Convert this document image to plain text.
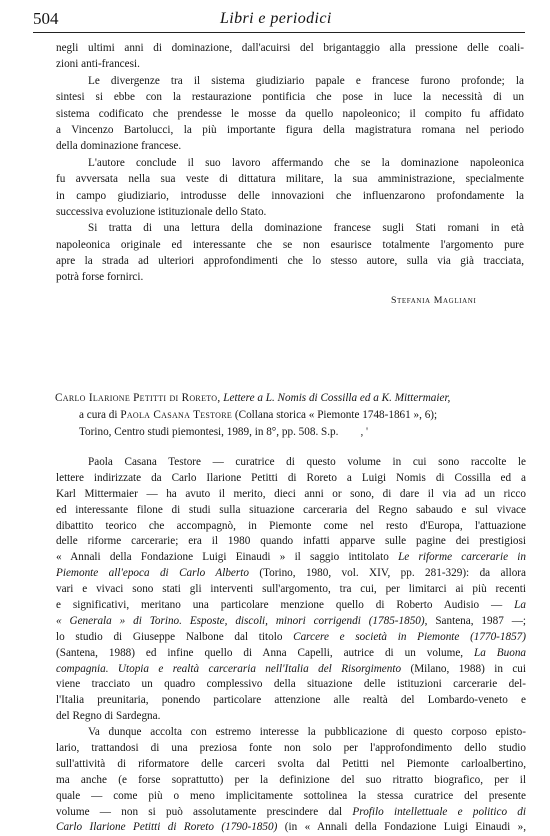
504	Libri e periodici
negli ultimi anni di dominazione, dall'acuirsi del brigantaggio alla pressione delle coali-
zioni anti-francesi.
Le divergenze tra il sistema giudiziario papale e francese furono profonde; la
sintesi si ebbe con la restaurazione pontificia che pose in luce la necessità di un
sistema codificato che prendesse le mosse da quello napoleonico; il compito fu affidato
a Vincenzo Bartolucci, la più importante figura della magistratura romana nel periodo
della dominazione francese.
L'autore conclude il suo lavoro affermando che se la dominazione napoleonica
fu avversata nella sua veste di dittatura militare, la sua amministrazione, specialmente
in campo giudiziario, introdusse delle innovazioni che influenzarono profondamente la
successiva evoluzione istituzionale dello Stato.
Si tratta di una lettura della dominazione francese sugli Stati romani in età
napoleonica originale ed interessante che se non esaurisce totalmente l'argomento pure
apre la strada ad ulteriori approfondimenti che lo stesso autore, sulla via già tracciata,
potrà forse fornirci.
Stefania Magliani
Carlo Ilarione Petitti di Roreto, Lettere a L. Nomis di Cossilla ed a K. Mittermaier,
a cura di Paola Casana Testore (Collana storica « Piemonte 1748-1861 », 6);
Torino, Centro studi piemontesi, 1989, in 8°, pp. 508. S.p. , '
Paola Casana Testore — curatrice di questo volume in cui sono raccolte le
lettere indirizzate da Carlo Ilarione Petitti di Roreto a Luigi Nomis di Cossilla ed a
Karl Mittermaier — ha avuto il merito, dieci anni or sono, di dare il via ad un ricco
ed interessante filone di studi sulla situazione carceraria del Regno sabaudo e sul vivace
dibattito teorico che accompagnò, in Piemonte come nel resto d'Europa, l'attuazione
delle riforme carcerarie; era il 1980 quando infatti apparve sulle pagine dei prestigiosi
« Annali della Fondazione Luigi Einaudi » il saggio intitolato Le riforme carcerarie in
Piemonte all'epoca di Carlo Alberto (Torino, 1980, vol. XIV, pp. 281-329): da allora
vari e vivaci sono stati gli interventi sull'argomento, tra cui, per limitarci ai più recenti
e significativi, meritano una particolare menzione quello di Roberto Audisio — La
« Generala » di Torino. Esposte, discoli, minori corrigendi (1785-1850), Santena, 1987 —;
lo studio di Giuseppe Nalbone dal titolo Carcere e società in Piemonte (1770-1857)
(Santena, 1988) ed infine quello di Anna Capelli, autrice di un volume, La Buona
compagnia. Utopia e realtà carceraria nell'Italia del Risorgimento (Milano, 1988) in cui
viene tracciato un quadro complessivo della situazione delle istituzioni carcerarie del-
l'Italia preunitaria, ponendo particolare attenzione alle realtà del Lombardo-veneto e
del Regno di Sardegna.
Va dunque accolta con estremo interesse la pubblicazione di questo corposo episto-
lario, trattandosi di una preziosa fonte non solo per l'approfondimento dello studio
sull'attività di riformatore delle carceri svolta dal Petitti nel Piemonte carloalbertino,
ma anche (e forse soprattutto) per la definizione del suo ritratto biografico, per il
quale — come più o meno implicitamente sottolinea la stessa curatrice del presente
volume — non si può assolutamente prescindere dal Profilo intellettuale e politico di
Carlo Ilarione Petitti di Roreto (1790-1850) (in « Annali della Fondazione Luigi Einaudi »,
